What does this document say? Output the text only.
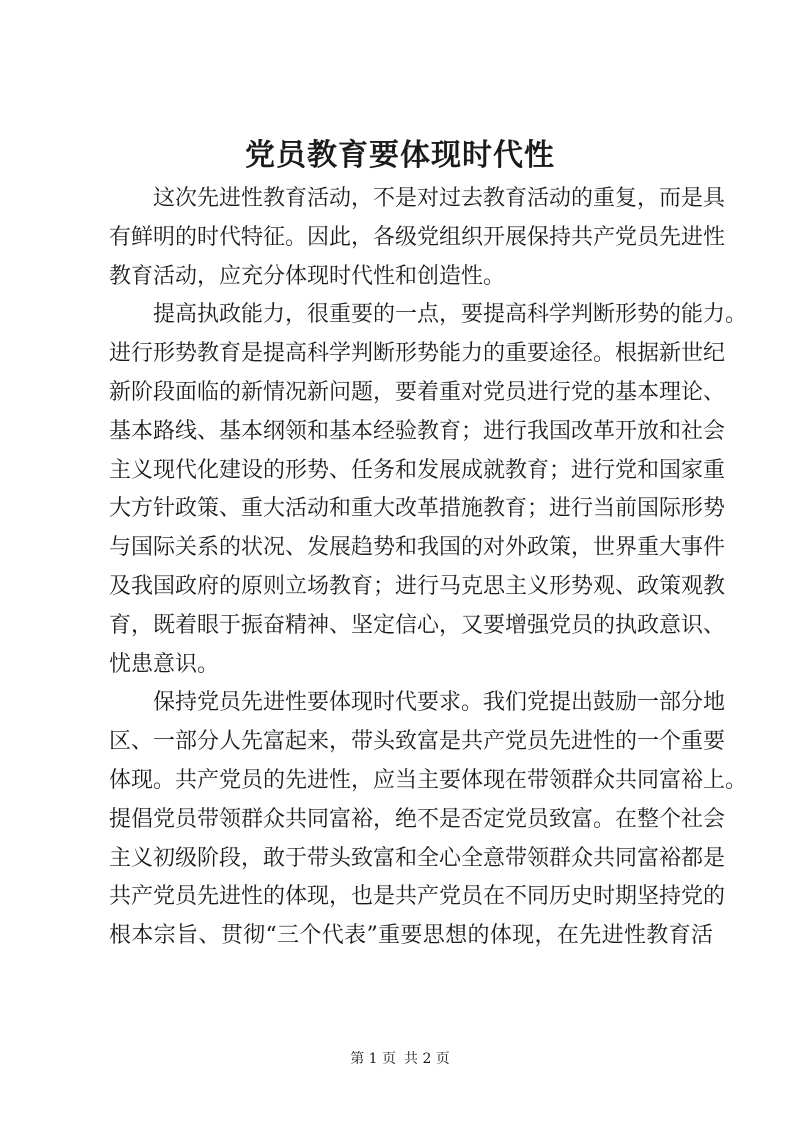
党员教育要体现时代性
这次先进性教育活动，不是对过去教育活动的重复，而是具
有鲜明的时代特征。因此，各级党组织开展保持共产党员先进性
教育活动，应充分体现时代性和创造性。
提高执政能力，很重要的一点，要提高科学判断形势的能力。
进行形势教育是提高科学判断形势能力的重要途径。根据新世纪
新阶段面临的新情况新问题，要着重对党员进行党的基本理论、
基本路线、基本纲领和基本经验教育；进行我国改革开放和社会
主义现代化建设的形势、任务和发展成就教育；进行党和国家重
大方针政策、重大活动和重大改革措施教育；进行当前国际形势
与国际关系的状况、发展趋势和我国的对外政策，世界重大事件
及我国政府的原则立场教育；进行马克思主义形势观、政策观教
育，既着眼于振奋精神、坚定信心，又要增强党员的执政意识、
忧患意识。
保持党员先进性要体现时代要求。我们党提出鼓励一部分地
区、一部分人先富起来，带头致富是共产党员先进性的一个重要
体现。共产党员的先进性，应当主要体现在带领群众共同富裕上。
提倡党员带领群众共同富裕，绝不是否定党员致富。在整个社会
主义初级阶段，敢于带头致富和全心全意带领群众共同富裕都是
共产党员先进性的体现，也是共产党员在不同历史时期坚持党的
根本宗旨、贯彻“三个代表”重要思想的体现，在先进性教育活
第 1 页 共 2 页
